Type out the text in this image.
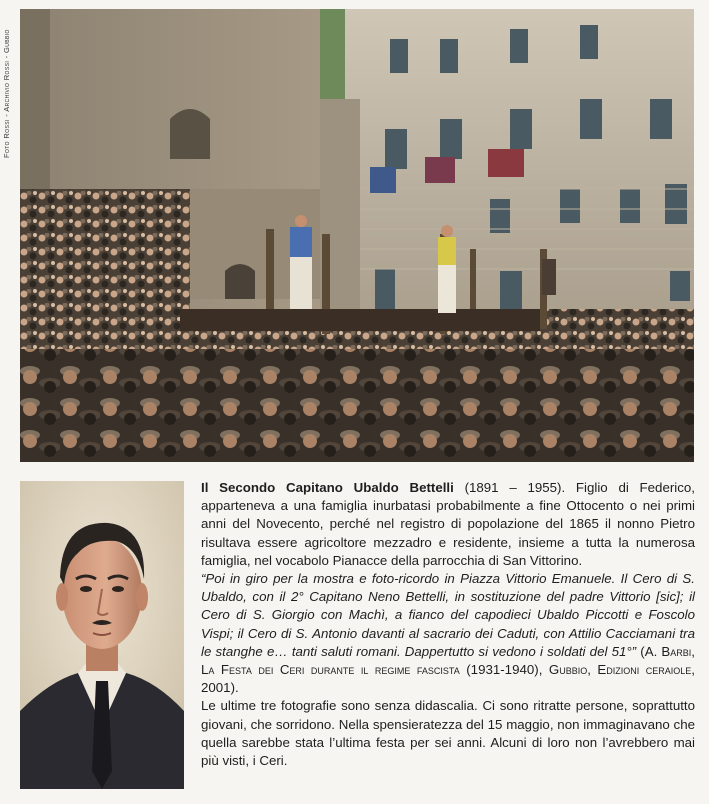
Foto Rossi - Archivio Rossi - Gubbio

Il Secondo Capitano Ubaldo Bettelli (1891 – 1955). Figlio di Federico, apparteneva a una famiglia inurbatasi probabilmente a fine Ottocento o nei primi anni del Novecento, perché nel registro di popolazione del 1865 il nonno Pietro risultava essere agricoltore mezzadro e residente, insieme a tutta la numerosa famiglia, nel vocabolo Pianacce della parrocchia di San Vittorino.

“Poi in giro per la mostra e foto-ricordo in Piazza Vittorio Emanuele. Il Cero di S. Ubaldo, con il 2° Capitano Neno Bettelli, in sostituzione del padre Vittorio [sic]; il Cero di S. Giorgio con Machì, a fianco del capodieci Ubaldo Piccotti e Foscolo Vispi; il Cero di S. Antonio davanti al sacrario dei Caduti, con Attilio Cacciamani tra le stanghe e… tanti saluti romani. Dappertutto si vedono i soldati del 51°” (A. Barbi, La Festa dei Ceri durante il regime fascista (1931-1940), Gubbio, Edizioni ceraiole, 2001).

Le ultime tre fotografie sono senza didascalia. Ci sono ritratte persone, soprattutto giovani, che sorridono. Nella spensieratezza del 15 maggio, non immaginavano che quella sarebbe stata l’ultima festa per sei anni. Alcuni di loro non l’avrebbero mai più visti, i Ceri.
